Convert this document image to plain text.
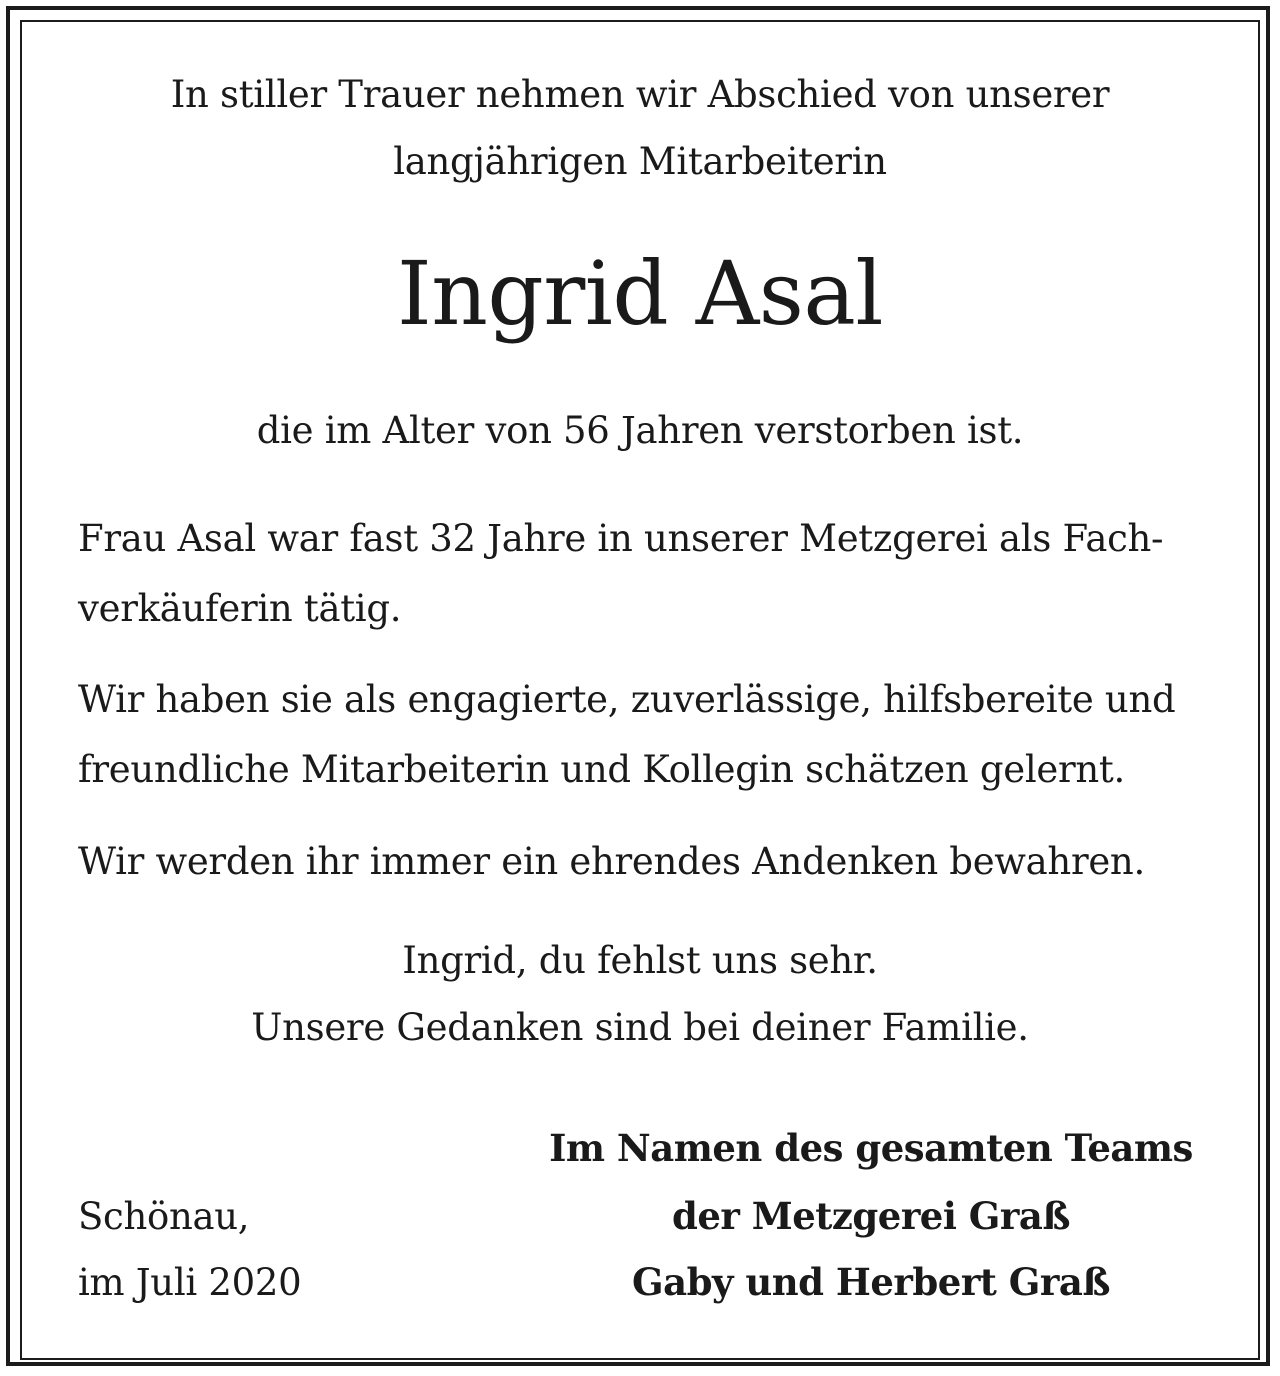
In stiller Trauer nehmen wir Abschied von unserer
langjährigen Mitarbeiterin
Ingrid Asal
die im Alter von 56 Jahren verstorben ist.
Frau Asal war fast 32 Jahre in unserer Metzgerei als Fach-
verkäuferin tätig.
Wir haben sie als engagierte, zuverlässige, hilfsbereite und
freundliche Mitarbeiterin und Kollegin schätzen gelernt.
Wir werden ihr immer ein ehrendes Andenken bewahren.
Ingrid, du fehlst uns sehr.
Unsere Gedanken sind bei deiner Familie.
Im Namen des gesamten Teams
der Metzgerei Graß
Gaby und Herbert Graß
Schönau,
im Juli 2020
